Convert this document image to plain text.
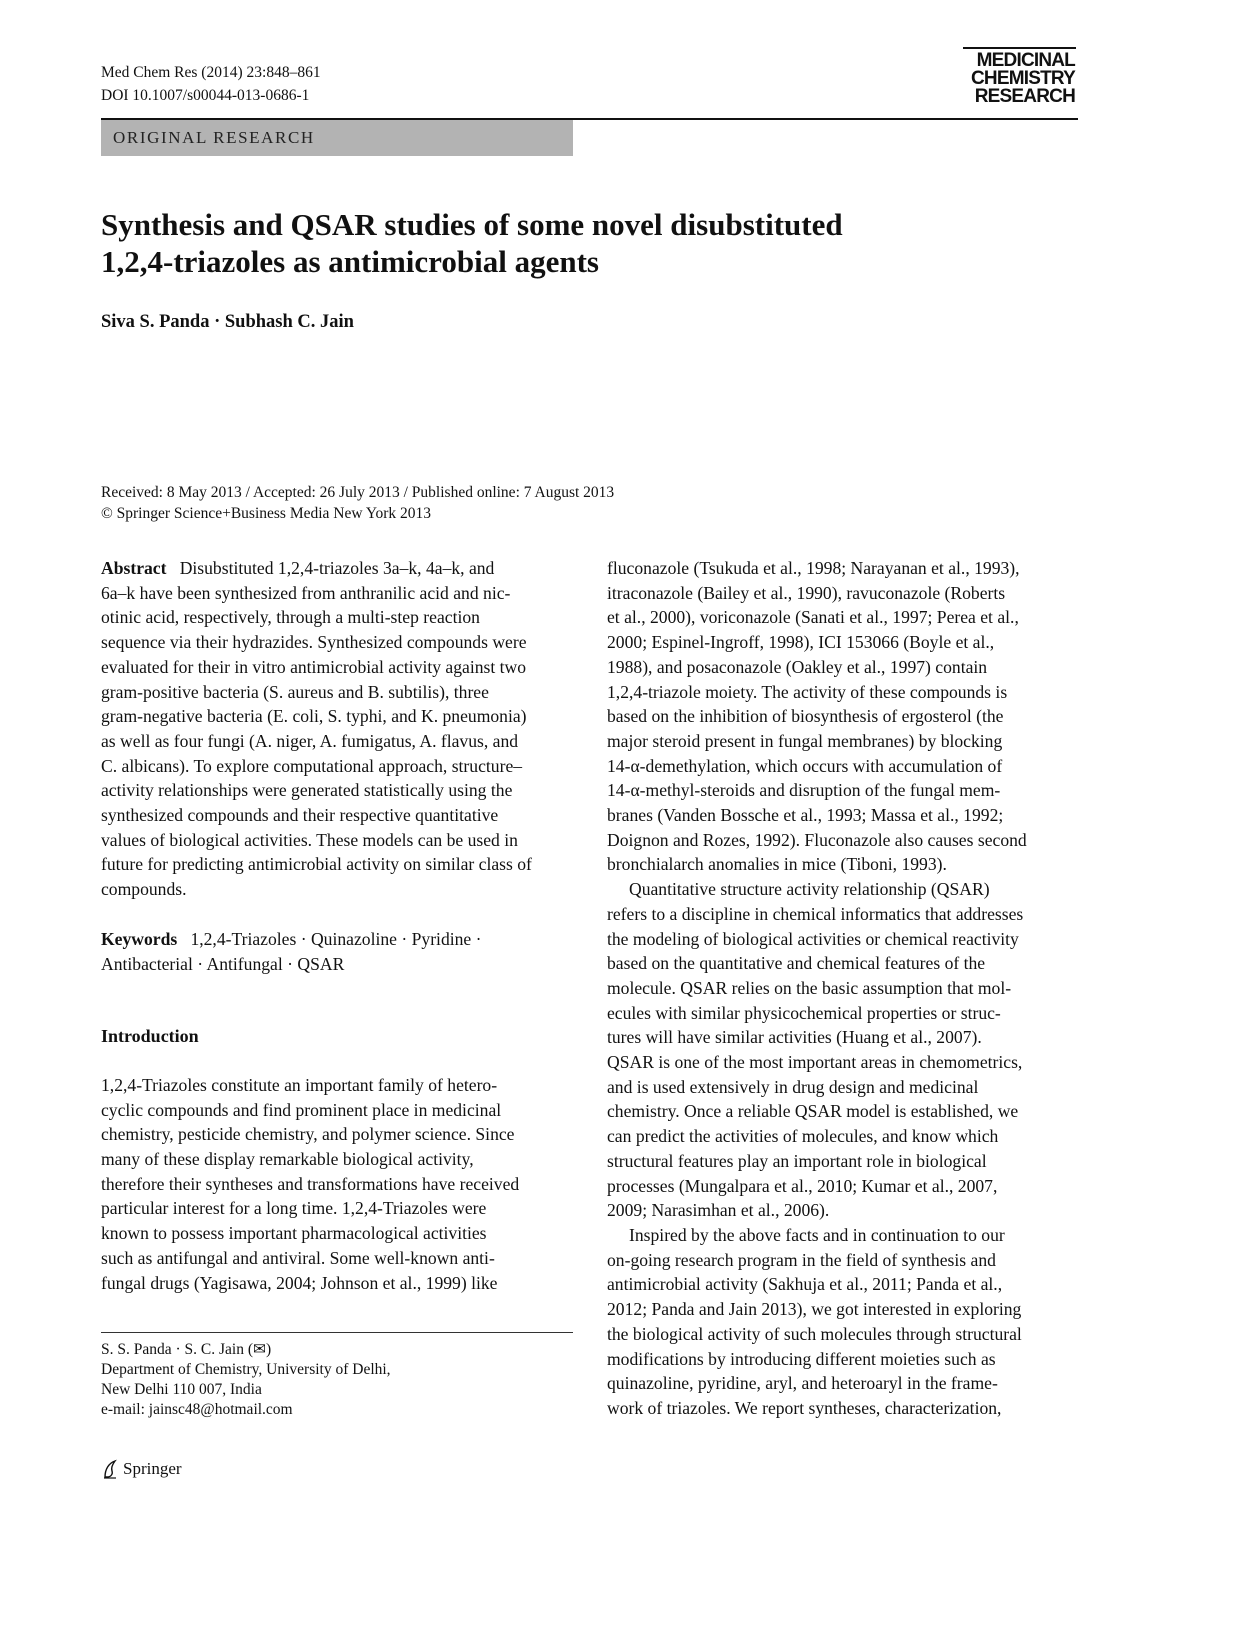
Med Chem Res (2014) 23:848–861
DOI 10.1007/s00044-013-0686-1
MEDICINAL
CHEMISTRY
RESEARCH
ORIGINAL RESEARCH
Synthesis and QSAR studies of some novel disubstituted
1,2,4-triazoles as antimicrobial agents
Siva S. Panda · Subhash C. Jain
Received: 8 May 2013 / Accepted: 26 July 2013 / Published online: 7 August 2013
© Springer Science+Business Media New York 2013
Abstract Disubstituted 1,2,4-triazoles 3a–k, 4a–k, and
6a–k have been synthesized from anthranilic acid and nic-
otinic acid, respectively, through a multi-step reaction
sequence via their hydrazides. Synthesized compounds were
evaluated for their in vitro antimicrobial activity against two
gram-positive bacteria (S. aureus and B. subtilis), three
gram-negative bacteria (E. coli, S. typhi, and K. pneumonia)
as well as four fungi (A. niger, A. fumigatus, A. flavus, and
C. albicans). To explore computational approach, structure–
activity relationships were generated statistically using the
synthesized compounds and their respective quantitative
values of biological activities. These models can be used in
future for predicting antimicrobial activity on similar class of
compounds.
Keywords 1,2,4-Triazoles · Quinazoline · Pyridine ·
Antibacterial · Antifungal · QSAR
Introduction
1,2,4-Triazoles constitute an important family of hetero-
cyclic compounds and find prominent place in medicinal
chemistry, pesticide chemistry, and polymer science. Since
many of these display remarkable biological activity,
therefore their syntheses and transformations have received
particular interest for a long time. 1,2,4-Triazoles were
known to possess important pharmacological activities
such as antifungal and antiviral. Some well-known anti-
fungal drugs (Yagisawa, 2004; Johnson et al., 1999) like
S. S. Panda · S. C. Jain (✉)
Department of Chemistry, University of Delhi,
New Delhi 110 007, India
e-mail: jainsc48@hotmail.com
fluconazole (Tsukuda et al., 1998; Narayanan et al., 1993),
itraconazole (Bailey et al., 1990), ravuconazole (Roberts
et al., 2000), voriconazole (Sanati et al., 1997; Perea et al.,
2000; Espinel-Ingroff, 1998), ICI 153066 (Boyle et al.,
1988), and posaconazole (Oakley et al., 1997) contain
1,2,4-triazole moiety. The activity of these compounds is
based on the inhibition of biosynthesis of ergosterol (the
major steroid present in fungal membranes) by blocking
14-α-demethylation, which occurs with accumulation of
14-α-methyl-steroids and disruption of the fungal mem-
branes (Vanden Bossche et al., 1993; Massa et al., 1992;
Doignon and Rozes, 1992). Fluconazole also causes second
bronchialarch anomalies in mice (Tiboni, 1993).
Quantitative structure activity relationship (QSAR)
refers to a discipline in chemical informatics that addresses
the modeling of biological activities or chemical reactivity
based on the quantitative and chemical features of the
molecule. QSAR relies on the basic assumption that mol-
ecules with similar physicochemical properties or struc-
tures will have similar activities (Huang et al., 2007).
QSAR is one of the most important areas in chemometrics,
and is used extensively in drug design and medicinal
chemistry. Once a reliable QSAR model is established, we
can predict the activities of molecules, and know which
structural features play an important role in biological
processes (Mungalpara et al., 2010; Kumar et al., 2007,
2009; Narasimhan et al., 2006).
Inspired by the above facts and in continuation to our
on-going research program in the field of synthesis and
antimicrobial activity (Sakhuja et al., 2011; Panda et al.,
2012; Panda and Jain 2013), we got interested in exploring
the biological activity of such molecules through structural
modifications by introducing different moieties such as
quinazoline, pyridine, aryl, and heteroaryl in the frame-
work of triazoles. We report syntheses, characterization,
Springer
